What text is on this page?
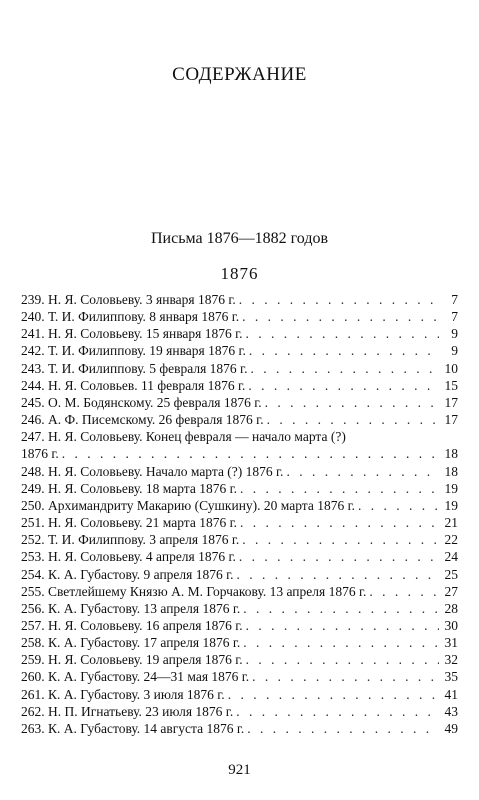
СОДЕРЖАНИЕ
Письма 1876—1882 годов
1876
239. Н. Я. Соловьеву. 3 января 1876 г. . . .	7
240. Т. И. Филиппову. 8 января 1876 г. . . .	7
241. Н. Я. Соловьеву. 15 января 1876 г. . . .	9
242. Т. И. Филиппову. 19 января 1876 г. . . .	9
243. Т. И. Филиппову. 5 февраля 1876 г. . . .	10
244. Н. Я. Соловьев. 11 февраля 1876 г. . . .	15
245. О. М. Бодянскому. 25 февраля 1876 г. . . .	17
246. А. Ф. Писемскому. 26 февраля 1876 г. . . .	17
247. Н. Я. Соловьеву. Конец февраля — начало марта (?)
1876 г. . . .	18
248. Н. Я. Соловьеву. Начало марта (?) 1876 г. . . .	18
249. Н. Я. Соловьеву. 18 марта 1876 г. . . .	19
250. Архимандриту Макарию (Сушкину). 20 марта 1876 г. . . .	19
251. Н. Я. Соловьеву. 21 марта 1876 г. . . .	21
252. Т. И. Филиппову. 3 апреля 1876 г. . . .	22
253. Н. Я. Соловьеву. 4 апреля 1876 г. . . .	24
254. К. А. Губастову. 9 апреля 1876 г. . . .	25
255. Светлейшему Князю А. М. Горчакову. 13 апреля 1876 г. . . .	27
256. К. А. Губастову. 13 апреля 1876 г. . . .	28
257. Н. Я. Соловьеву. 16 апреля 1876 г. . . .	30
258. К. А. Губастову. 17 апреля 1876 г. . . .	31
259. Н. Я. Соловьеву. 19 апреля 1876 г. . . .	32
260. К. А. Губастову. 24—31 мая 1876 г. . . .	35
261. К. А. Губастову. 3 июля 1876 г. . . .	41
262. Н. П. Игнатьеву. 23 июля 1876 г. . . .	43
263. К. А. Губастову. 14 августа 1876 г. . . .	49
921
